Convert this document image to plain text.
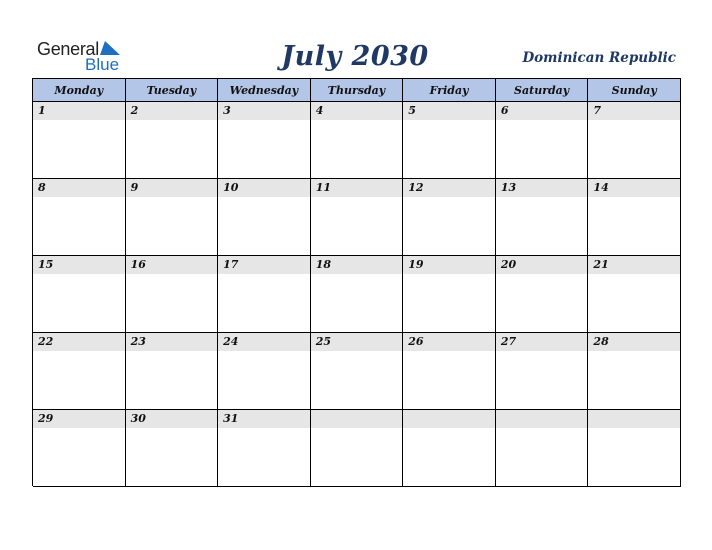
General
Blue	July 2030	Dominican Republic
Monday	Tuesday	Wednesday	Thursday	Friday	Saturday	Sunday
1	2	3	4	5	6	7
8	9	10	11	12	13	14
15	16	17	18	19	20	21
22	23	24	25	26	27	28
29	30	31
